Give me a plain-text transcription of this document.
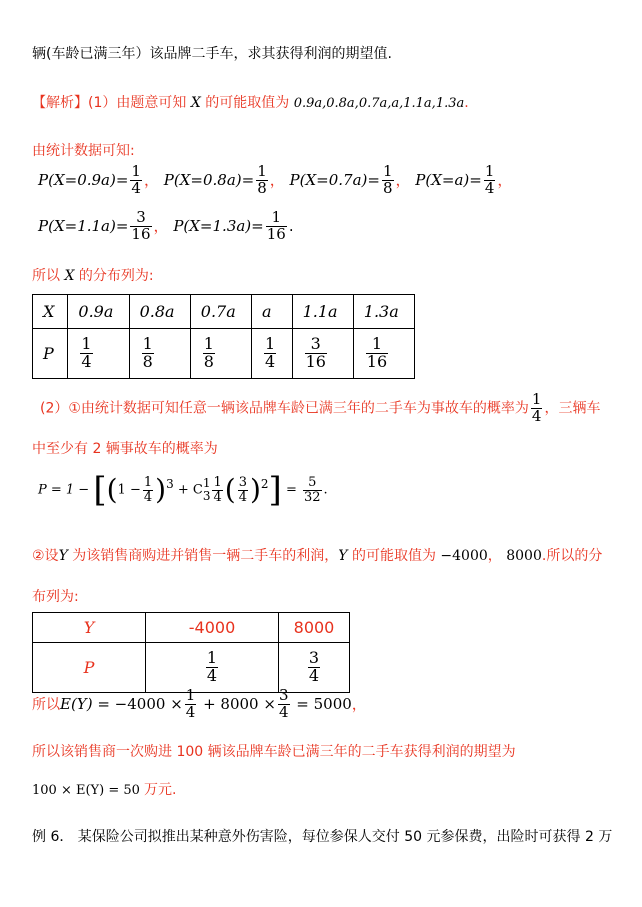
辆(车龄已满三年）该品牌二手车，求其获得利润的期望值.
【解析】(1）由题意可知 X 的可能取值为 0.9a,0.8a,0.7a,a,1.1a,1.3a.
由统计数据可知:
$P(X=0.9a)= \frac{1}{4}$ ， $P(X=0.8a)= \frac{1}{8}$ ， $P(X=0.7a)= \frac{1}{8}$ ， $P(X=a)= \frac{1}{4}$ ，
$P(X=1.1a)= \frac{3}{16}$ ， $P(X=1.3a)= \frac{1}{16}$ .
所以 X 的分布列为:
X	0.9a	0.8a	0.7a	a	1.1a	1.3a
P	$\frac{1}{4}$	$\frac{1}{8}$	$\frac{1}{8}$	$\frac{1}{4}$	$\frac{3}{16}$	$\frac{1}{16}$
(2）①由统计数据可知任意一辆该品牌车龄已满三年的二手车为事故车的概率为 $\frac{1}{4}$ ，三辆车
中至少有 2 辆事故车的概率为
$P = 1 - [(1 - \frac{1}{4} )^3 + C$ 1
$3 \frac{1}{4}$ ( $\frac{3}{4} )^2] = \frac{5}{32}$ .
②设Y 为该销售商购进并销售一辆二手车的利润，Y 的可能取值为 −4000， 8000.所以的分
布列为:
Y	-4000	8000
P	$\frac{1}{4}$	$\frac{3}{4}$
所以$E(Y) = -4000 \times \frac{1}{4} + 8000 \times \frac{3}{4} = 5000$，
所以该销售商一次购进 100 辆该品牌车龄已满三年的二手车获得利润的期望为
100 × E(Y) = 50 万元.
例 6． 某保险公司拟推出某种意外伤害险，每位参保人交付 50 元参保费，出险时可获得 2 万
